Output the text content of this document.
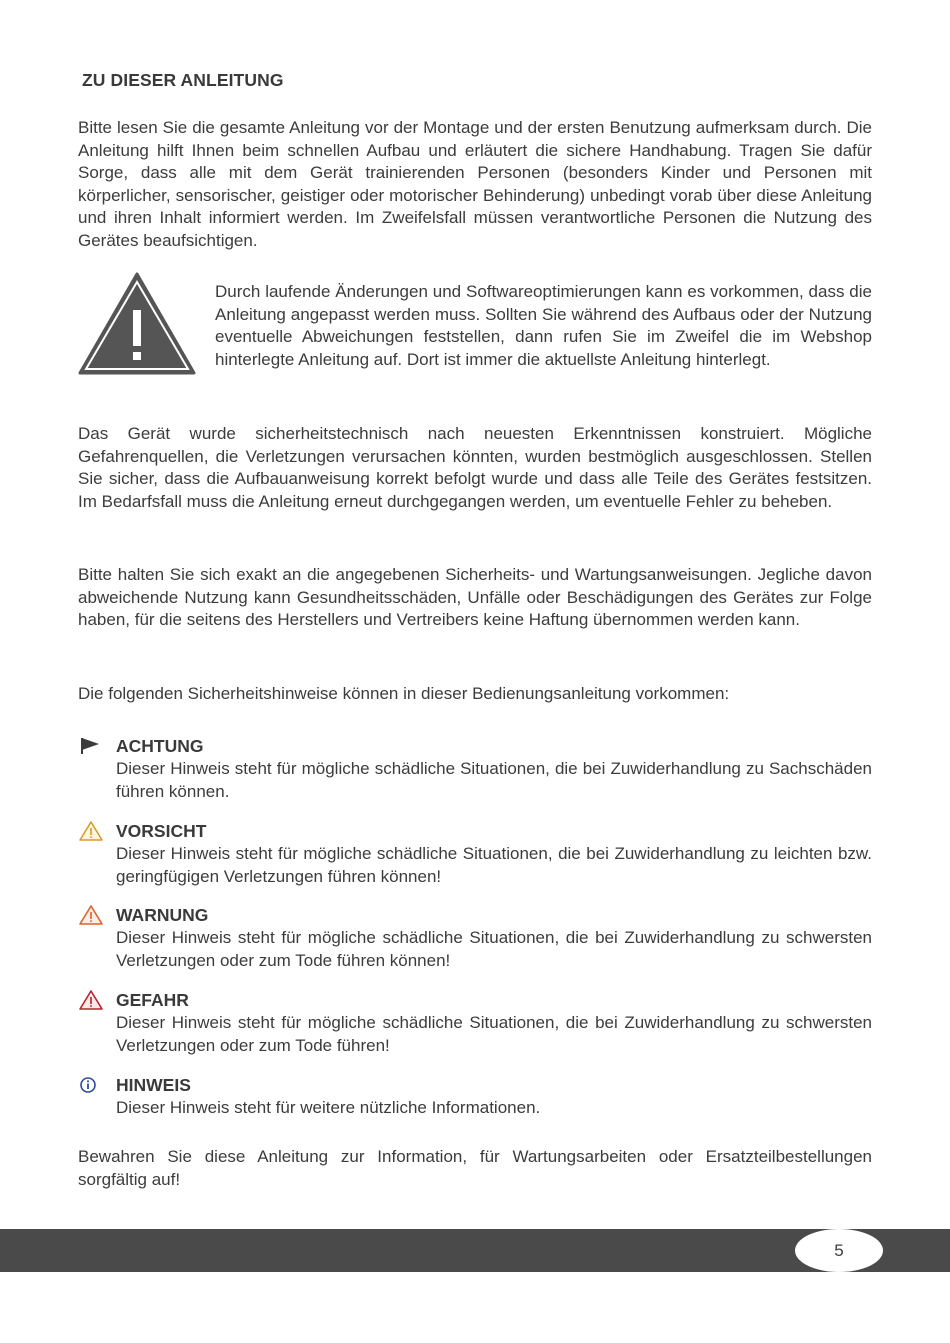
ZU DIESER ANLEITUNG

Bitte lesen Sie die gesamte Anleitung vor der Montage und der ersten Benutzung aufmerksam durch. Die Anleitung hilft Ihnen beim schnellen Aufbau und erläutert die sichere Handhabung. Tragen Sie dafür Sorge, dass alle mit dem Gerät trainierenden Personen (besonders Kinder und Personen mit körperlicher, sensorischer, geistiger oder motorischer Behinderung) unbedingt vorab über diese Anleitung und ihren Inhalt informiert werden. Im Zweifelsfall müssen verantwortliche Personen die Nutzung des Gerätes beaufsichtigen.

Durch laufende Änderungen und Softwareoptimierungen kann es vorkommen, dass die Anleitung angepasst werden muss. Sollten Sie während des Aufbaus oder der Nutzung eventuelle Abweichungen feststellen, dann rufen Sie im Zweifel die im Webshop hinterlegte Anleitung auf. Dort ist immer die aktuellste Anleitung hinterlegt.

Das Gerät wurde sicherheitstechnisch nach neuesten Erkenntnissen konstruiert. Mögliche Gefahrenquellen, die Verletzungen verursachen könnten, wurden bestmöglich ausgeschlossen. Stellen Sie sicher, dass die Aufbauanweisung korrekt befolgt wurde und dass alle Teile des Gerätes festsitzen. Im Bedarfsfall muss die Anleitung erneut durchgegangen werden, um eventuelle Fehler zu beheben.

Bitte halten Sie sich exakt an die angegebenen Sicherheits- und Wartungsanweisungen. Jegliche davon abweichende Nutzung kann Gesundheitsschäden, Unfälle oder Beschädigungen des Gerätes zur Folge haben, für die seitens des Herstellers und Vertreibers keine Haftung übernommen werden kann.

Die folgenden Sicherheitshinweise können in dieser Bedienungsanleitung vorkommen:

ACHTUNG

Dieser Hinweis steht für mögliche schädliche Situationen, die bei Zuwiderhandlung zu Sachschäden führen können.

VORSICHT

Dieser Hinweis steht für mögliche schädliche Situationen, die bei Zuwiderhandlung zu leichten bzw. geringfügigen Verletzungen führen können!

WARNUNG

Dieser Hinweis steht für mögliche schädliche Situationen, die bei Zuwiderhandlung zu schwersten Verletzungen oder zum Tode führen können!

GEFAHR

Dieser Hinweis steht für mögliche schädliche Situationen, die bei Zuwiderhandlung zu schwersten Verletzungen oder zum Tode führen!

HINWEIS

Dieser Hinweis steht für weitere nützliche Informationen.

Bewahren Sie diese Anleitung zur Information, für Wartungsarbeiten oder Ersatzteilbestellungen sorgfältig auf!

5
